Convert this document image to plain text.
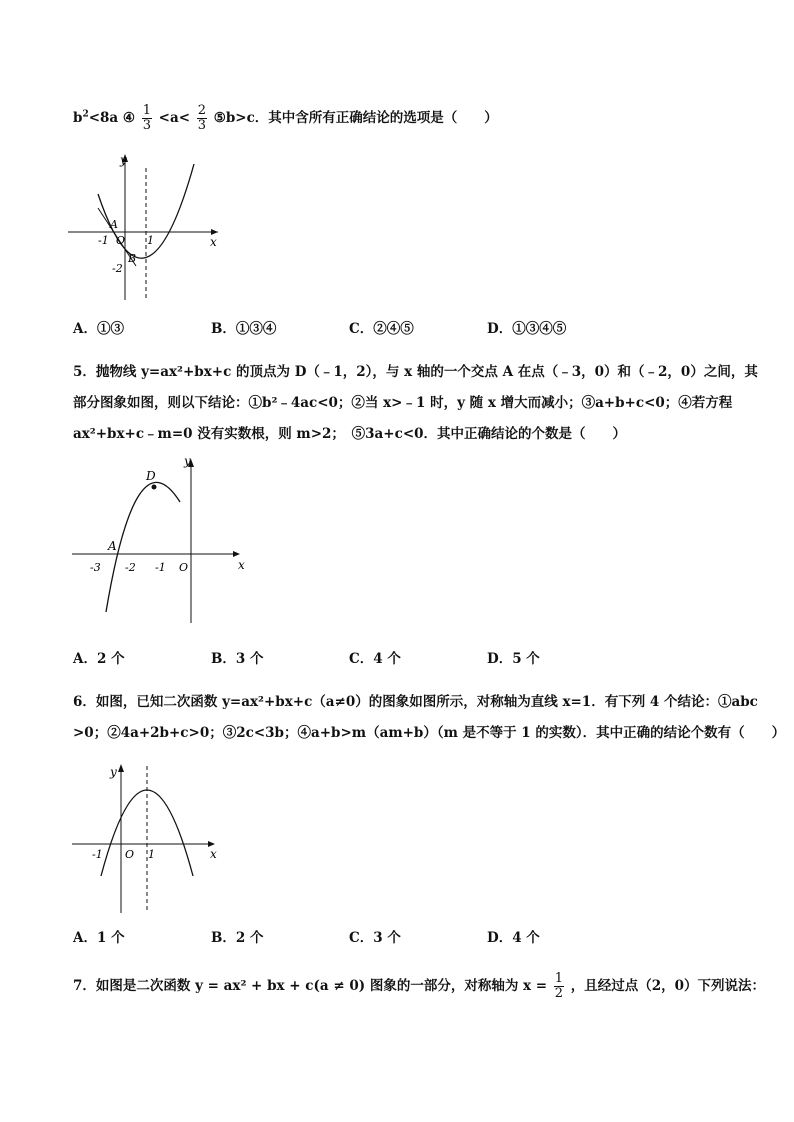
$b^2<8a$ ④ $\frac{1}{3} <a< \frac{2}{3}$ ⑤b>c．其中含所有正确结论的选项是（　　）
y
x
A
B
O
-1	1
-2
A．①③	B．①③④	C．②④⑤	D．①③④⑤
5．抛物线 y=ax²+bx+c 的顶点为 D（﹣1，2），与 x 轴的一个交点 A 在点（﹣3，0）和（﹣2，0）之间，其
部分图象如图，则以下结论：①b²﹣4ac<0；②当 x>﹣1 时，y 随 x 增大而减小；③a+b+c<0；④若方程
ax²+bx+c﹣m=0 没有实数根，则 m>2；　⑤3a+c<0．其中正确结论的个数是（　　）
D
A
y
x
O
-3 -2 -1
A．2 个	B．3 个	C．4 个	D．5 个
6．如图，已知二次函数 y=ax²+bx+c（a≠0）的图象如图所示，对称轴为直线 x=1．有下列 4 个结论：①abc
>0；②4a+2b+c>0；③2c<3b；④a+b>m（am+b）（m 是不等于 1 的实数）．其中正确的结论个数有（　　）
y
x
O
-1	1
A．1 个	B．2 个	C．3 个	D．4 个
7．如图是二次函数 y = ax² + bx + c(a ≠ 0) 图象的一部分，对称轴为 $x = \frac{1}{2}$ ，且经过点（2，0）下列说法：
